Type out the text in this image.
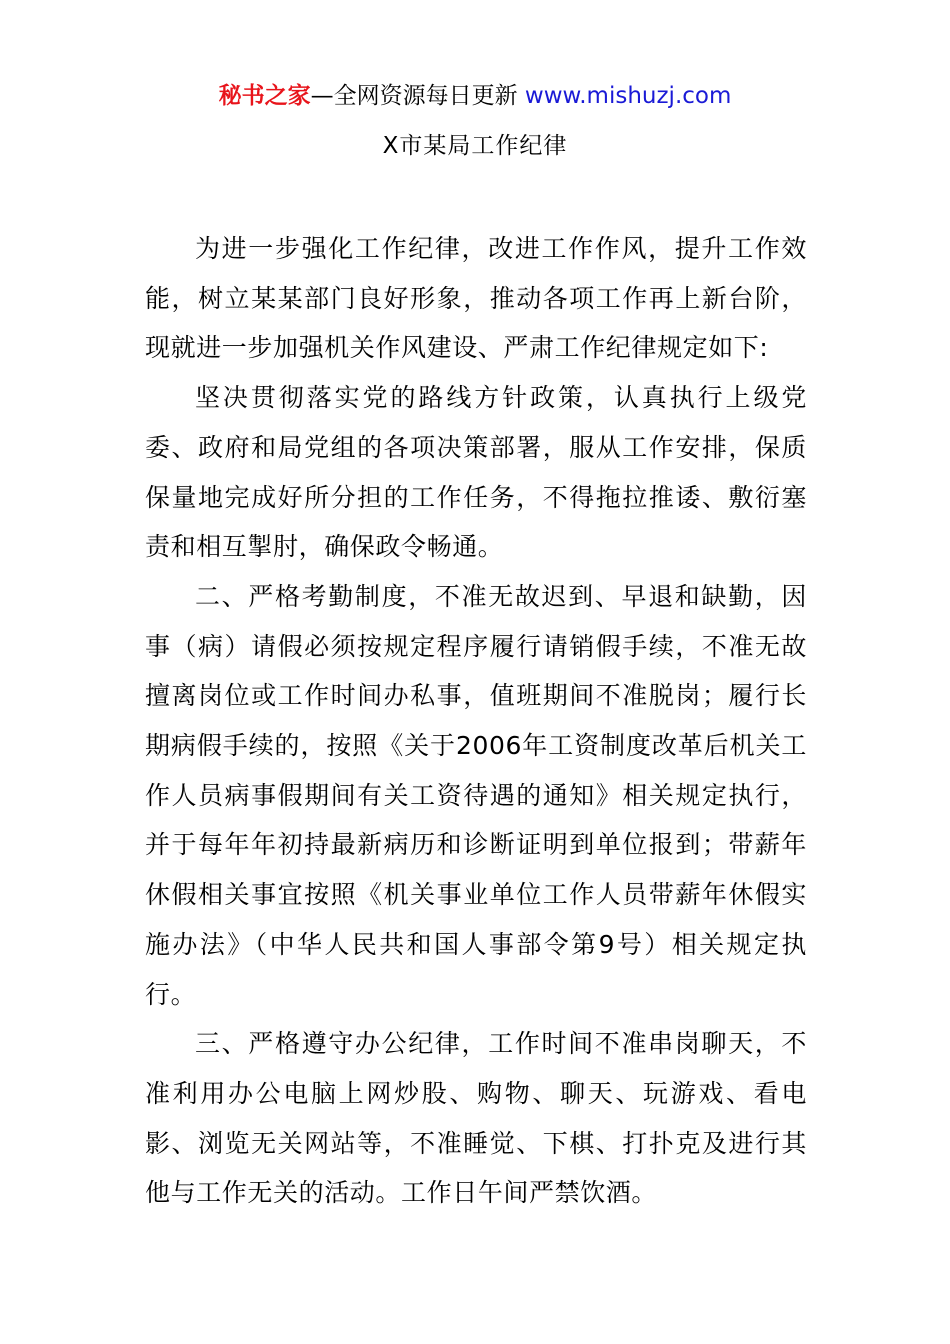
秘书之家—全网资源每日更新 www.mishuzj.com
X市某局工作纪律

为进一步强化工作纪律，改进工作作风，提升工作效能，树立某某部门良好形象，推动各项工作再上新台阶，现就进一步加强机关作风建设、严肃工作纪律规定如下:

坚决贯彻落实党的路线方针政策，认真执行上级党委、政府和局党组的各项决策部署，服从工作安排，保质保量地完成好所分担的工作任务，不得拖拉推诿、敷衍塞责和相互掣肘，确保政令畅通。

二、严格考勤制度，不准无故迟到、早退和缺勤，因事（病）请假必须按规定程序履行请销假手续，不准无故擅离岗位或工作时间办私事，值班期间不准脱岗；履行长期病假手续的，按照《关于2006年工资制度改革后机关工作人员病事假期间有关工资待遇的通知》相关规定执行，并于每年年初持最新病历和诊断证明到单位报到；带薪年休假相关事宜按照《机关事业单位工作人员带薪年休假实施办法》（中华人民共和国人事部令第9号）相关规定执行。

三、严格遵守办公纪律，工作时间不准串岗聊天，不准利用办公电脑上网炒股、购物、聊天、玩游戏、看电影、浏览无关网站等，不准睡觉、下棋、打扑克及进行其他与工作无关的活动。工作日午间严禁饮酒。
